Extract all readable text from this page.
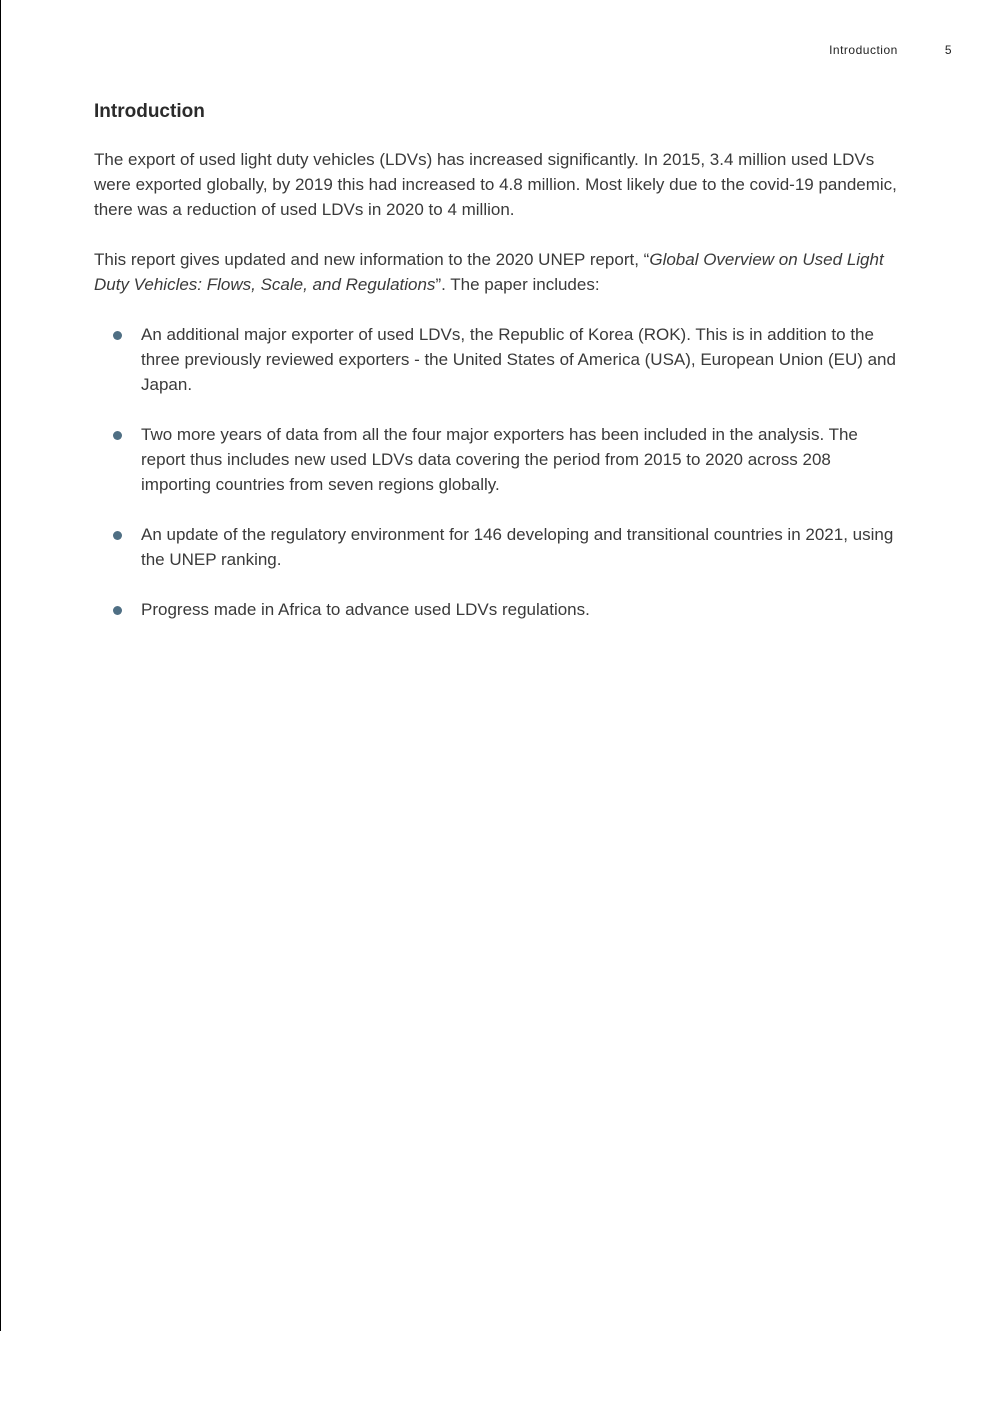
Introduction	5
Introduction

The export of used light duty vehicles (LDVs) has increased significantly. In 2015, 3.4 million used LDVs were exported globally, by 2019 this had increased to 4.8 million. Most likely due to the covid-19 pandemic, there was a reduction of used LDVs in 2020 to 4 million.

This report gives updated and new information to the 2020 UNEP report, “Global Overview on Used Light Duty Vehicles: Flows, Scale, and Regulations”. The paper includes:

An additional major exporter of used LDVs, the Republic of Korea (ROK). This is in addition to the three previously reviewed exporters - the United States of America (USA), European Union (EU) and Japan.
Two more years of data from all the four major exporters has been included in the analysis. The report thus includes new used LDVs data covering the period from 2015 to 2020 across 208 importing countries from seven regions globally.
An update of the regulatory environment for 146 developing and transitional countries in 2021, using the UNEP ranking.
Progress made in Africa to advance used LDVs regulations.
